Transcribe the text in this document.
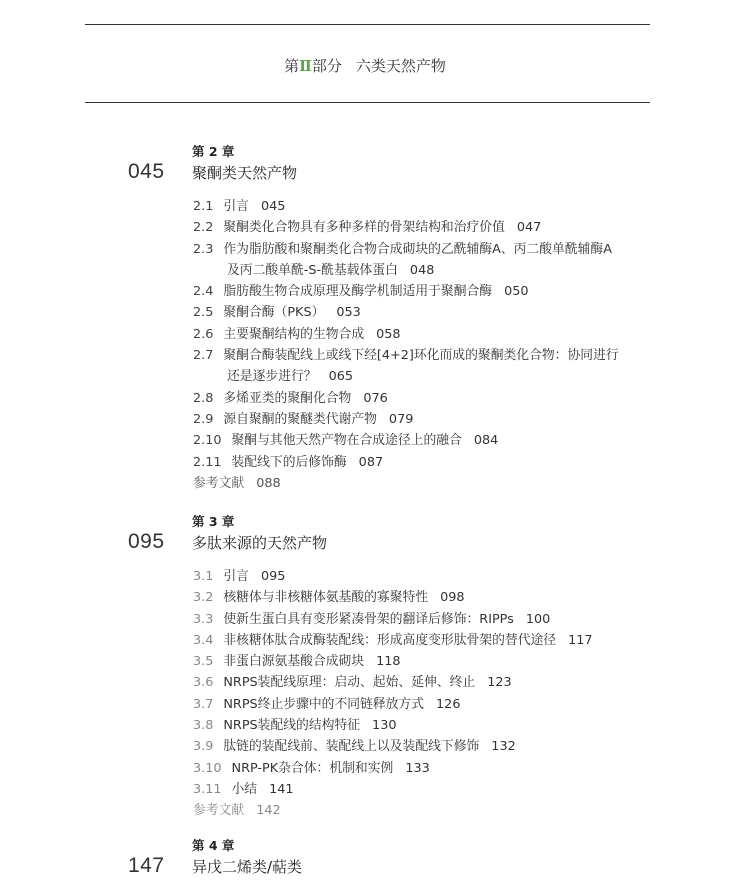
第Ⅱ部分 六类天然产物
第 2 章
045 聚酮类天然产物
2.1 引言 045
2.2 聚酮类化合物具有多种多样的骨架结构和治疗价值 047
2.3 作为脂肪酸和聚酮类化合物合成砌块的乙酰辅酶A、丙二酸单酰辅酶A
及丙二酸单酰-S-酰基载体蛋白 048
2.4 脂肪酸生物合成原理及酶学机制适用于聚酮合酶 050
2.5 聚酮合酶（PKS） 053
2.6 主要聚酮结构的生物合成 058
2.7 聚酮合酶装配线上或线下经[4+2]环化而成的聚酮类化合物：协同进行
还是逐步进行？ 065
2.8 多烯亚类的聚酮化合物 076
2.9 源自聚酮的聚醚类代谢产物 079
2.10 聚酮与其他天然产物在合成途径上的融合 084
2.11 装配线下的后修饰酶 087
参考文献 088
第 3 章
095 多肽来源的天然产物
3.1 引言 095
3.2 核糖体与非核糖体氨基酸的寡聚特性 098
3.3 使新生蛋白具有变形紧凑骨架的翻译后修饰：RIPPs 100
3.4 非核糖体肽合成酶装配线：形成高度变形肽骨架的替代途径 117
3.5 非蛋白源氨基酸合成砌块 118
3.6 NRPS装配线原理：启动、起始、延伸、终止 123
3.7 NRPS终止步骤中的不同链释放方式 126
3.8 NRPS装配线的结构特征 130
3.9 肽链的装配线前、装配线上以及装配线下修饰 132
3.10 NRP-PK杂合体：机制和实例 133
3.11 小结 141
参考文献 142
第 4 章
147 异戊二烯类/萜类
